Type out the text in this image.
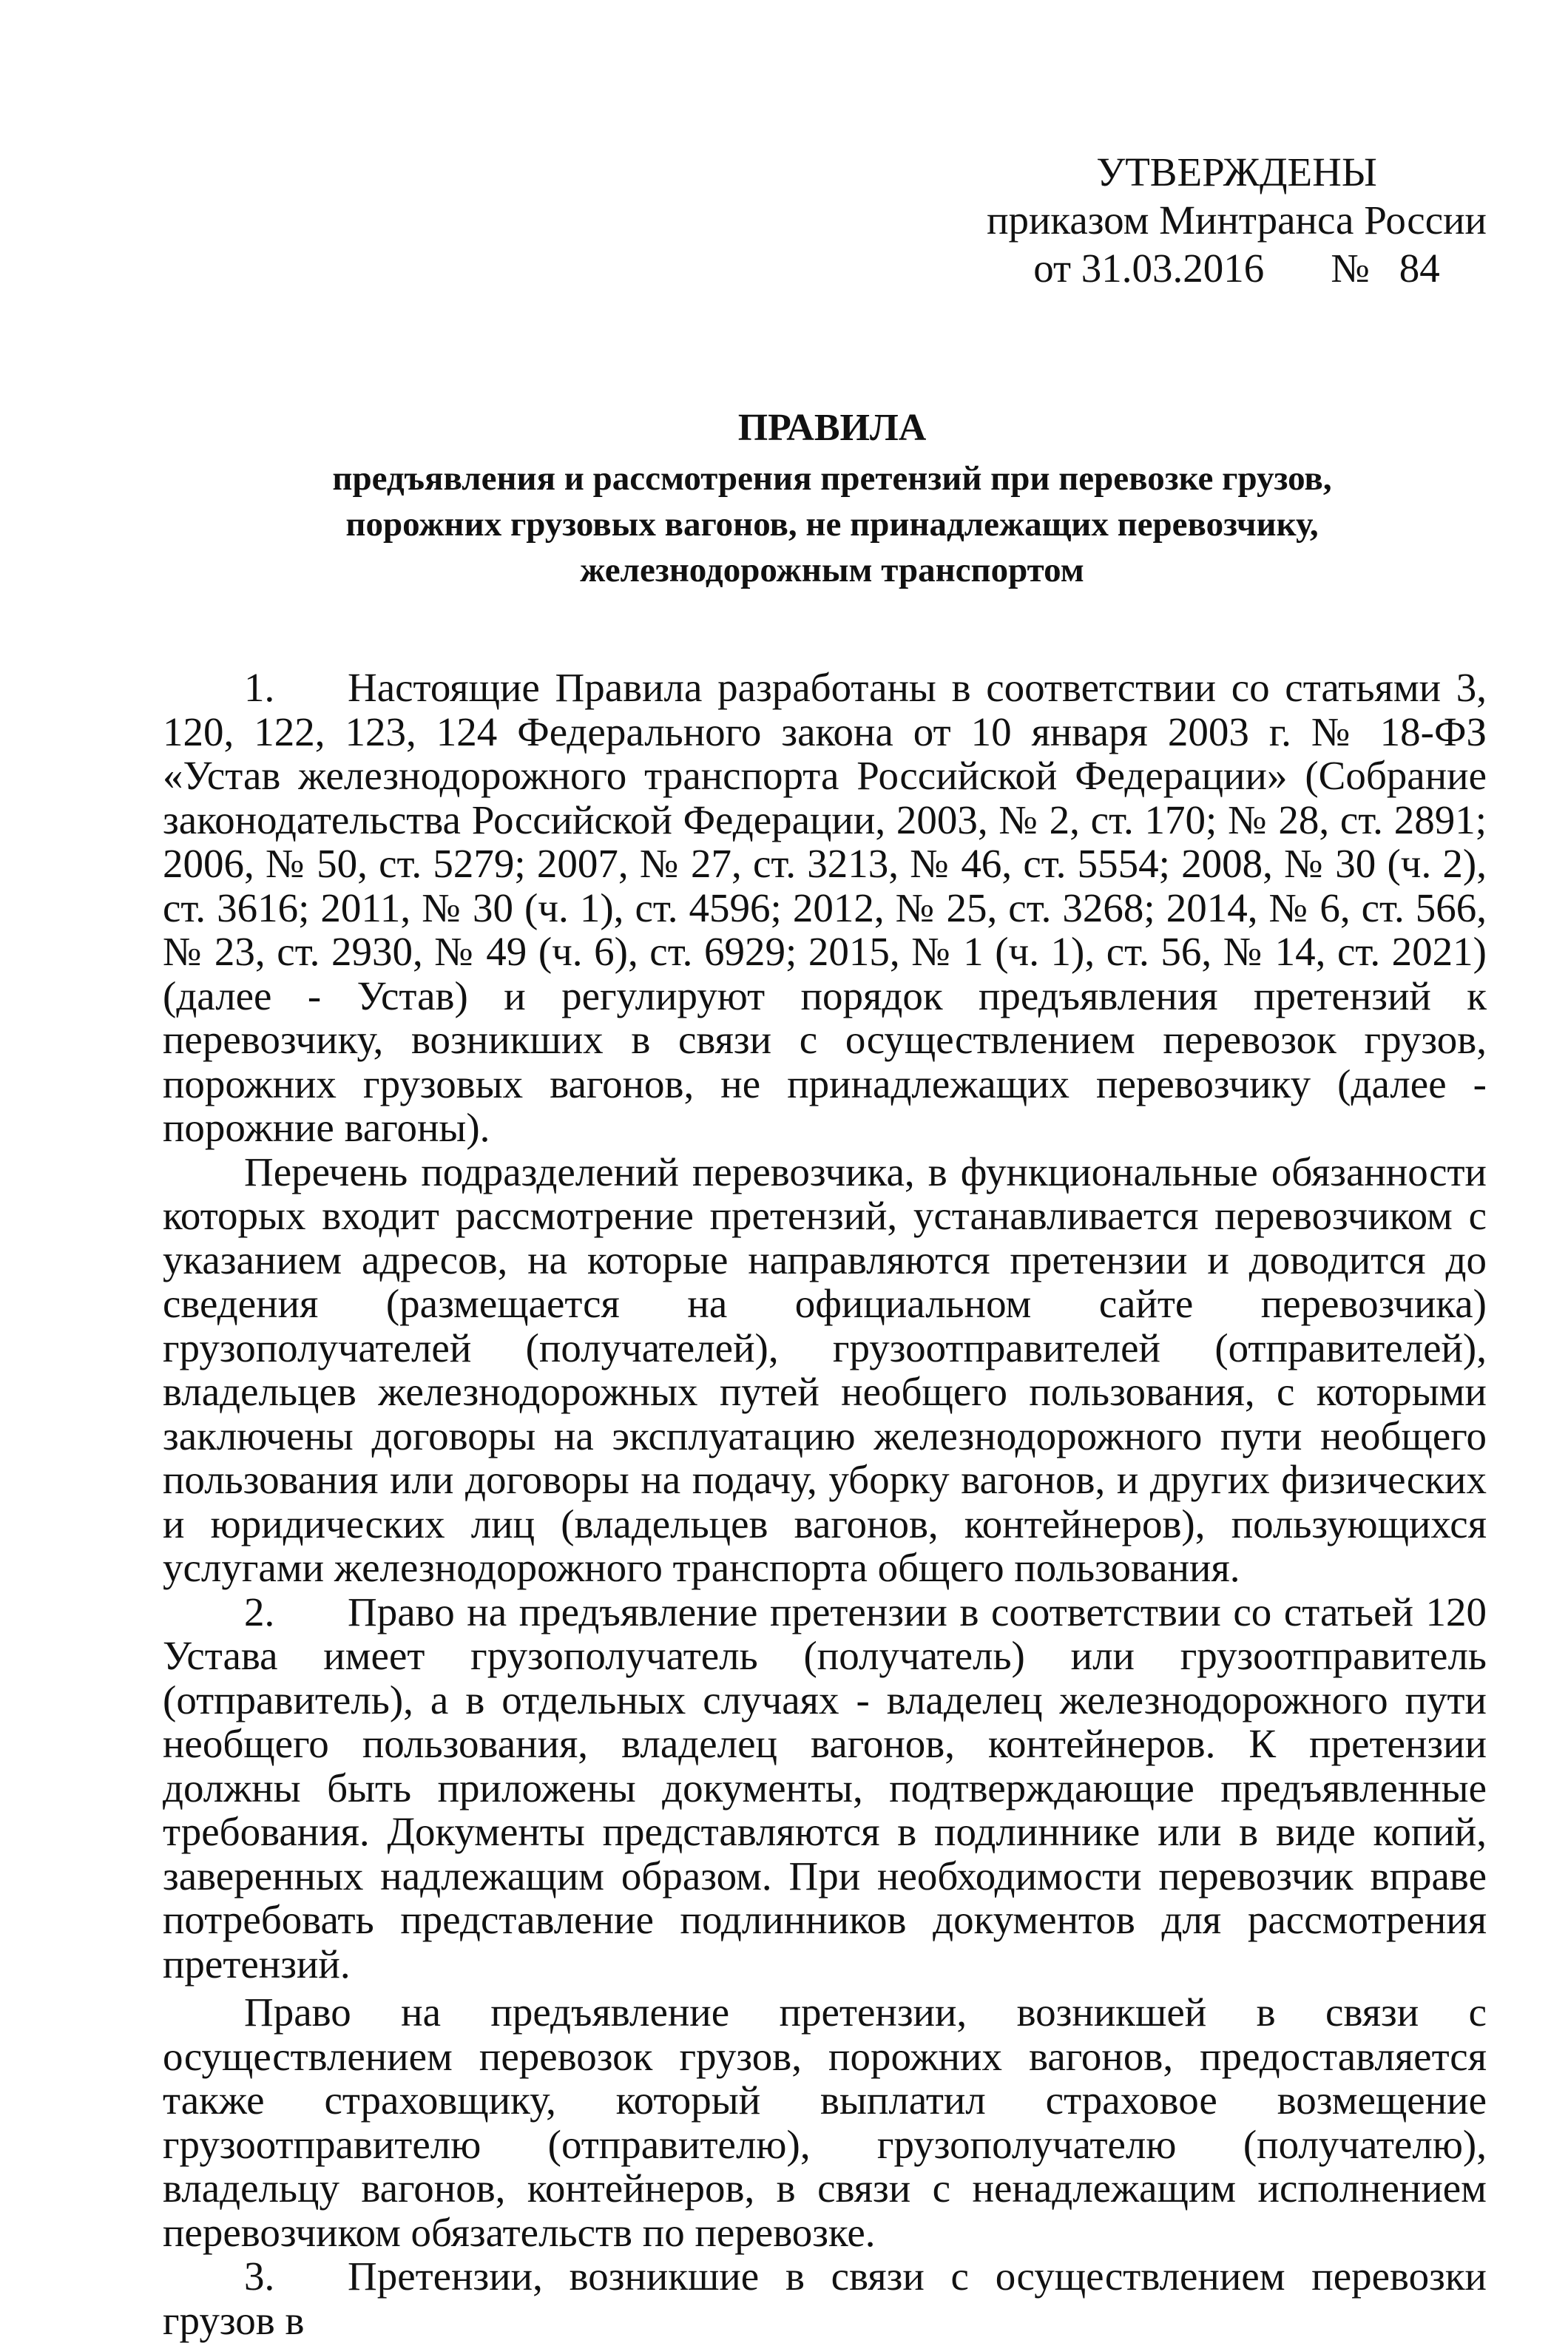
УТВЕРЖДЕНЫ
приказом Минтранса России
от 31.03.2016 № 84
ПРАВИЛА
предъявления и рассмотрения претензий при перевозке грузов,
порожних грузовых вагонов, не принадлежащих перевозчику,
железнодорожным транспортом

1. Настоящие Правила разработаны в соответствии со статьями 3, 120, 122, 123, 124 Федерального закона от 10 января 2003 г. № 18-ФЗ «Устав железнодорожного транспорта Российской Федерации» (Собрание законодательства Российской Федерации, 2003, № 2, ст. 170; № 28, ст. 2891; 2006, № 50, ст. 5279; 2007, № 27, ст. 3213, № 46, ст. 5554; 2008, № 30 (ч. 2), ст. 3616; 2011, № 30 (ч. 1), ст. 4596; 2012, № 25, ст. 3268; 2014, № 6, ст. 566, № 23, ст. 2930, № 49 (ч. 6), ст. 6929; 2015, № 1 (ч. 1), ст. 56, № 14, ст. 2021) (далее - Устав) и регулируют порядок предъявления претензий к перевозчику, возникших в связи с осуществлением перевозок грузов, порожних грузовых вагонов, не принадлежащих перевозчику (далее - порожние вагоны).

Перечень подразделений перевозчика, в функциональные обязанности которых входит рассмотрение претензий, устанавливается перевозчиком с указанием адресов, на которые направляются претензии и доводится до сведения (размещается на официальном сайте перевозчика) грузополучателей (получателей), грузоотправителей (отправителей), владельцев железнодорожных путей необщего пользования, с которыми заключены договоры на эксплуатацию железнодорожного пути необщего пользования или договоры на подачу, уборку вагонов, и других физических и юридических лиц (владельцев вагонов, контейнеров), пользующихся услугами железнодорожного транспорта общего пользования.

2. Право на предъявление претензии в соответствии со статьей 120 Устава имеет грузополучатель (получатель) или грузоотправитель (отправитель), а в отдельных случаях - владелец железнодорожного пути необщего пользования, владелец вагонов, контейнеров. К претензии должны быть приложены документы, подтверждающие предъявленные требования. Документы представляются в подлиннике или в виде копий, заверенных надлежащим образом. При необходимости перевозчик вправе потребовать представление подлинников документов для рассмотрения претензий.

Право на предъявление претензии, возникшей в связи с осуществлением перевозок грузов, порожних вагонов, предоставляется также страховщику, который выплатил страховое возмещение грузоотправителю (отправителю), грузополучателю (получателю), владельцу вагонов, контейнеров, в связи с ненадлежащим исполнением перевозчиком обязательств по перевозке.

3. Претензии, возникшие в связи с осуществлением перевозки грузов в
